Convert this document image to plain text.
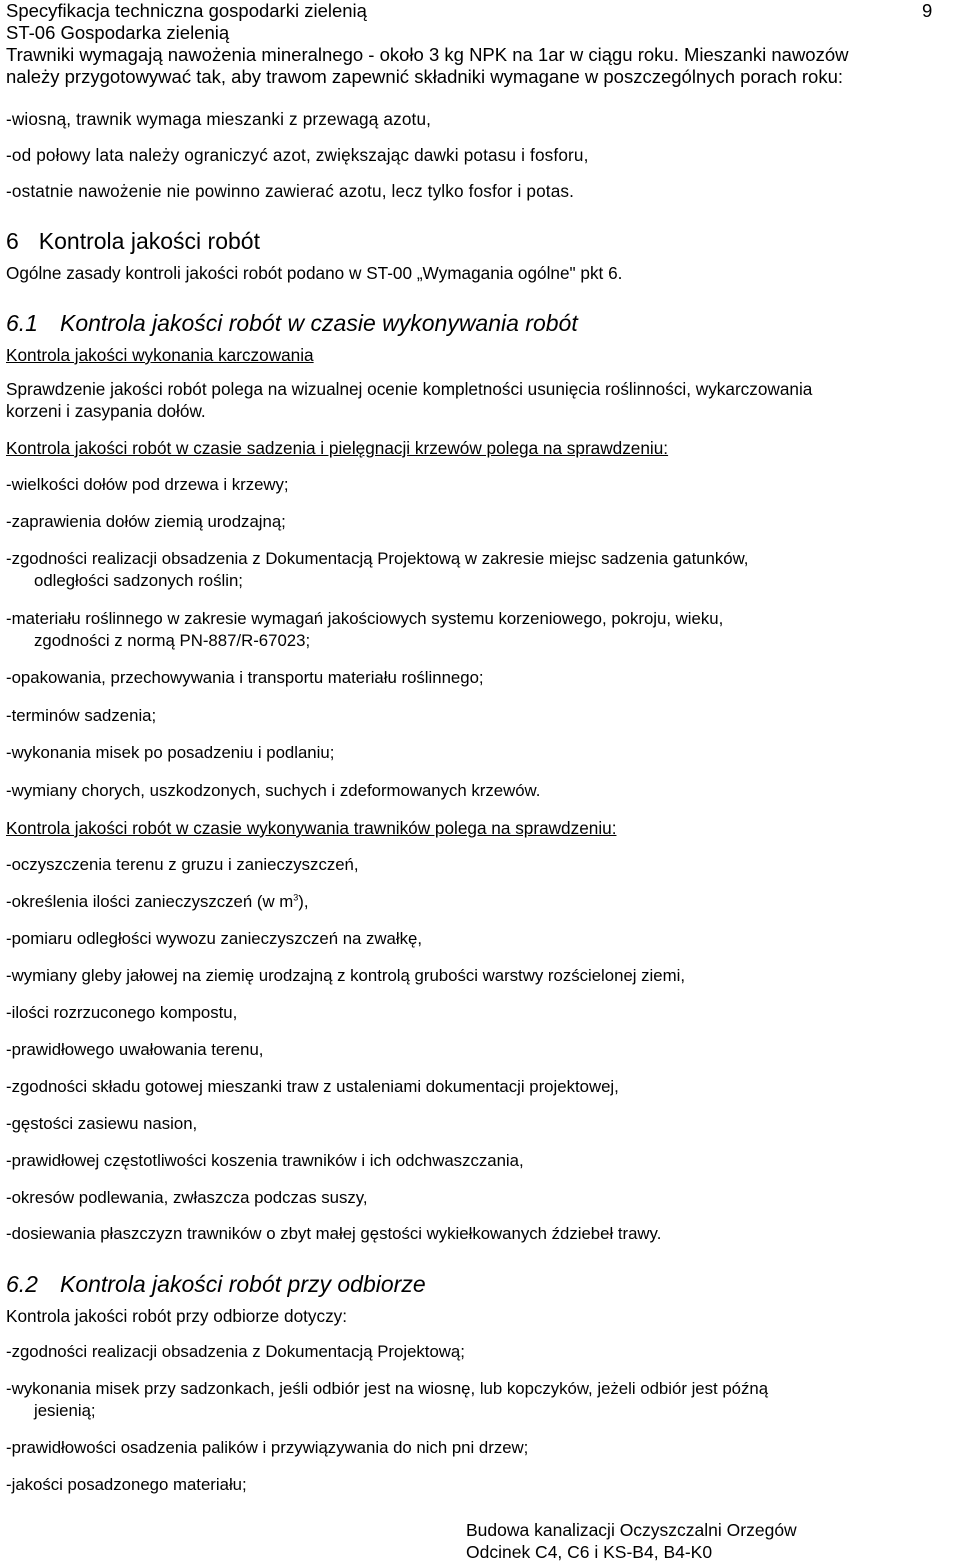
Specyfikacja techniczna gospodarki zielenią	9
ST-06 Gospodarka zielenią
Trawniki wymagają nawożenia mineralnego - około 3 kg NPK na 1ar w ciągu roku. Mieszanki nawozów
należy przygotowywać tak, aby trawom zapewnić składniki wymagane w poszczególnych porach roku:
-wiosną, trawnik wymaga mieszanki z przewagą azotu,
-od połowy lata należy ograniczyć azot, zwiększając dawki potasu i fosforu,
-ostatnie nawożenie nie powinno zawierać azotu, lecz tylko fosfor i potas.
6 Kontrola jakości robót
Ogólne zasady kontroli jakości robót podano w ST-00 „Wymagania ogólne" pkt 6.
6.1 Kontrola jakości robót w czasie wykonywania robót
Kontrola jakości wykonania karczowania
Sprawdzenie jakości robót polega na wizualnej ocenie kompletności usunięcia roślinności, wykarczowania
korzeni i zasypania dołów.
Kontrola jakości robót w czasie sadzenia i pielęgnacji krzewów polega na sprawdzeniu:
-wielkości dołów pod drzewa i krzewy;
-zaprawienia dołów ziemią urodzajną;
-zgodności realizacji obsadzenia z Dokumentacją Projektową w zakresie miejsc sadzenia gatunków,
odległości sadzonych roślin;
-materiału roślinnego w zakresie wymagań jakościowych systemu korzeniowego, pokroju, wieku,
zgodności z normą PN-887/R-67023;
-opakowania, przechowywania i transportu materiału roślinnego;
-terminów sadzenia;
-wykonania misek po posadzeniu i podlaniu;
-wymiany chorych, uszkodzonych, suchych i zdeformowanych krzewów.
Kontrola jakości robót w czasie wykonywania trawników polega na sprawdzeniu:
-oczyszczenia terenu z gruzu i zanieczyszczeń,
-określenia ilości zanieczyszczeń (w $m^3$),
-pomiaru odległości wywozu zanieczyszczeń na zwałkę,
-wymiany gleby jałowej na ziemię urodzajną z kontrolą grubości warstwy rozścielonej ziemi,
-ilości rozrzuconego kompostu,
-prawidłowego uwałowania terenu,
-zgodności składu gotowej mieszanki traw z ustaleniami dokumentacji projektowej,
-gęstości zasiewu nasion,
-prawidłowej częstotliwości koszenia trawników i ich odchwaszczania,
-okresów podlewania, zwłaszcza podczas suszy,
-dosiewania płaszczyzn trawników o zbyt małej gęstości wykiełkowanych ździebeł trawy.
6.2 Kontrola jakości robót przy odbiorze
Kontrola jakości robót przy odbiorze dotyczy:
-zgodności realizacji obsadzenia z Dokumentacją Projektową;
-wykonania misek przy sadzonkach, jeśli odbiór jest na wiosnę, lub kopczyków, jeżeli odbiór jest późną
jesienią;
-prawidłowości osadzenia palików i przywiązywania do nich pni drzew;
-jakości posadzonego materiału;
Budowa kanalizacji Oczyszczalni Orzegów
Odcinek C4, C6 i KS-B4, B4-K0
